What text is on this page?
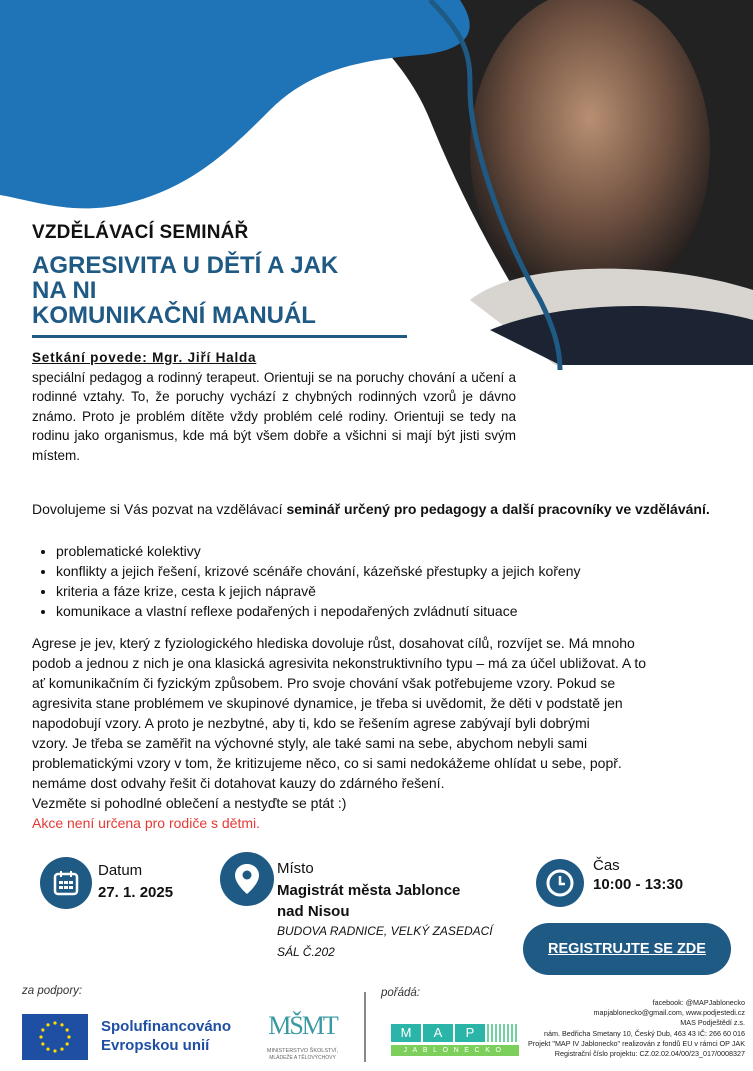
VZDĚLÁVACÍ SEMINÁŘ
AGRESIVITA U DĚTÍ A JAK
NA NI
KOMUNIKAČNÍ MANUÁL
Setkání povede: Mgr. Jiří Halda
speciální pedagog a rodinný terapeut. Orientuji se na poruchy chování a učení a rodinné vztahy. To, že poruchy vychází z chybných rodinných vzorů je dávno známo. Proto je problém dítěte vždy problém celé rodiny. Orientuji se tedy na rodinu jako organismus, kde má být všem dobře a všichni si mají být jisti svým místem.
Dovolujeme si Vás pozvat na vzdělávací seminář určený pro pedagogy a další pracovníky ve vzdělávání.
• problematické kolektivy
• konflikty a jejich řešení, krizové scénáře chování, kázeňské přestupky a jejich kořeny
• kriteria a fáze krize, cesta k jejich nápravě
• komunikace a vlastní reflexe podařených i nepodařených zvládnutí situace
Agrese je jev, který z fyziologického hlediska dovoluje růst, dosahovat cílů, rozvíjet se. Má mnoho
podob a jednou z nich je ona klasická agresivita nekonstruktivního typu – má za účel ubližovat. A to
ať komunikačním či fyzickým způsobem. Pro svoje chování však potřebujeme vzory. Pokud se
agresivita stane problémem ve skupinové dynamice, je třeba si uvědomit, že děti v podstatě jen
napodobují vzory. A proto je nezbytné, aby ti, kdo se řešením agrese zabývají byli dobrými
vzory. Je třeba se zaměřit na výchovné styly, ale také sami na sebe, abychom nebyli sami
problematickými vzory v tom, že kritizujeme něco, co si sami nedokážeme ohlídat u sebe, popř.
nemáme dost odvahy řešit či dotahovat kauzy do zdárného řešení.
Vezměte si pohodlné oblečení a nestyďte se ptát :)
Akce není určena pro rodiče s dětmi.
Datum
27. 1. 2025
Místo
Magistrát města Jablonce
nad Nisou
BUDOVA RADNICE, VELKÝ ZASEDACÍ
SÁL Č.202
Čas
10:00 - 13:30
REGISTRUJTE SE ZDE
za podpory:	pořádá:
Spolufinancováno
Evropskou unií
MŠMT
MINISTERSTVO ŠKOLSTVÍ,
MLÁDEŽE A TĚLOVÝCHOVY
M	A	P
JABLONECKO IV
facebook: @MAPJablonecko
mapjablonecko@gmail.com, www.podjestedi.cz
MAS Podještědí z.s.
nám. Bedřicha Smetany 10, Český Dub, 463 43 IČ: 266 60 016
Projekt "MAP IV Jablonecko" realizován z fondů EU v rámci OP JAK
Registrační číslo projektu: CZ.02.02.04/00/23_017/0008327
